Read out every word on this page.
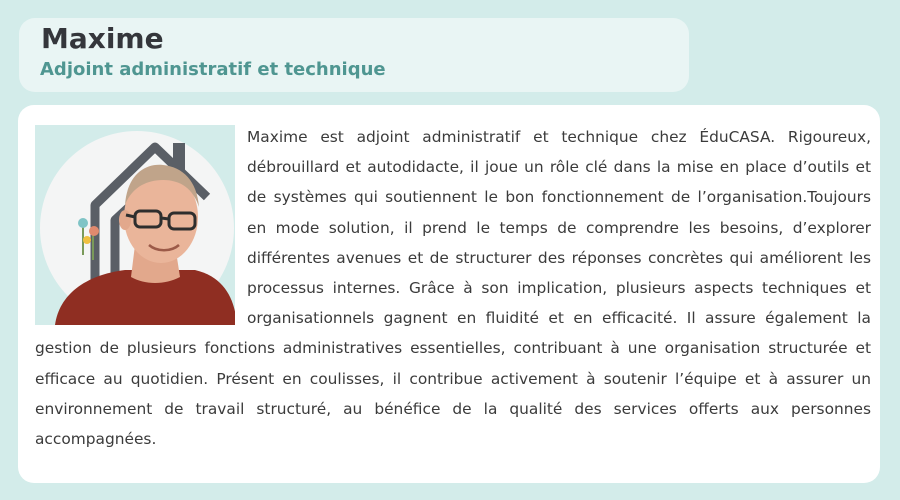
Maxime
Adjoint administratif et technique

Maxime est adjoint administratif et technique chez ÉduCASA. Rigoureux, débrouillard et autodidacte, il joue un rôle clé dans la mise en place d’outils et de systèmes qui soutiennent le bon fonctionnement de l’organisation.Toujours en mode solution, il prend le temps de comprendre les besoins, d’explorer différentes avenues et de structurer des réponses concrètes qui améliorent les processus internes. Grâce à son implication, plusieurs aspects techniques et organisationnels gagnent en fluidité et en efficacité. Il assure également la gestion de plusieurs fonctions administratives essentielles, contribuant à une organisation structurée et efficace au quotidien. Présent en coulisses, il contribue activement à soutenir l’équipe et à assurer un environnement de travail structuré, au bénéfice de la qualité des services offerts aux personnes accompagnées.
